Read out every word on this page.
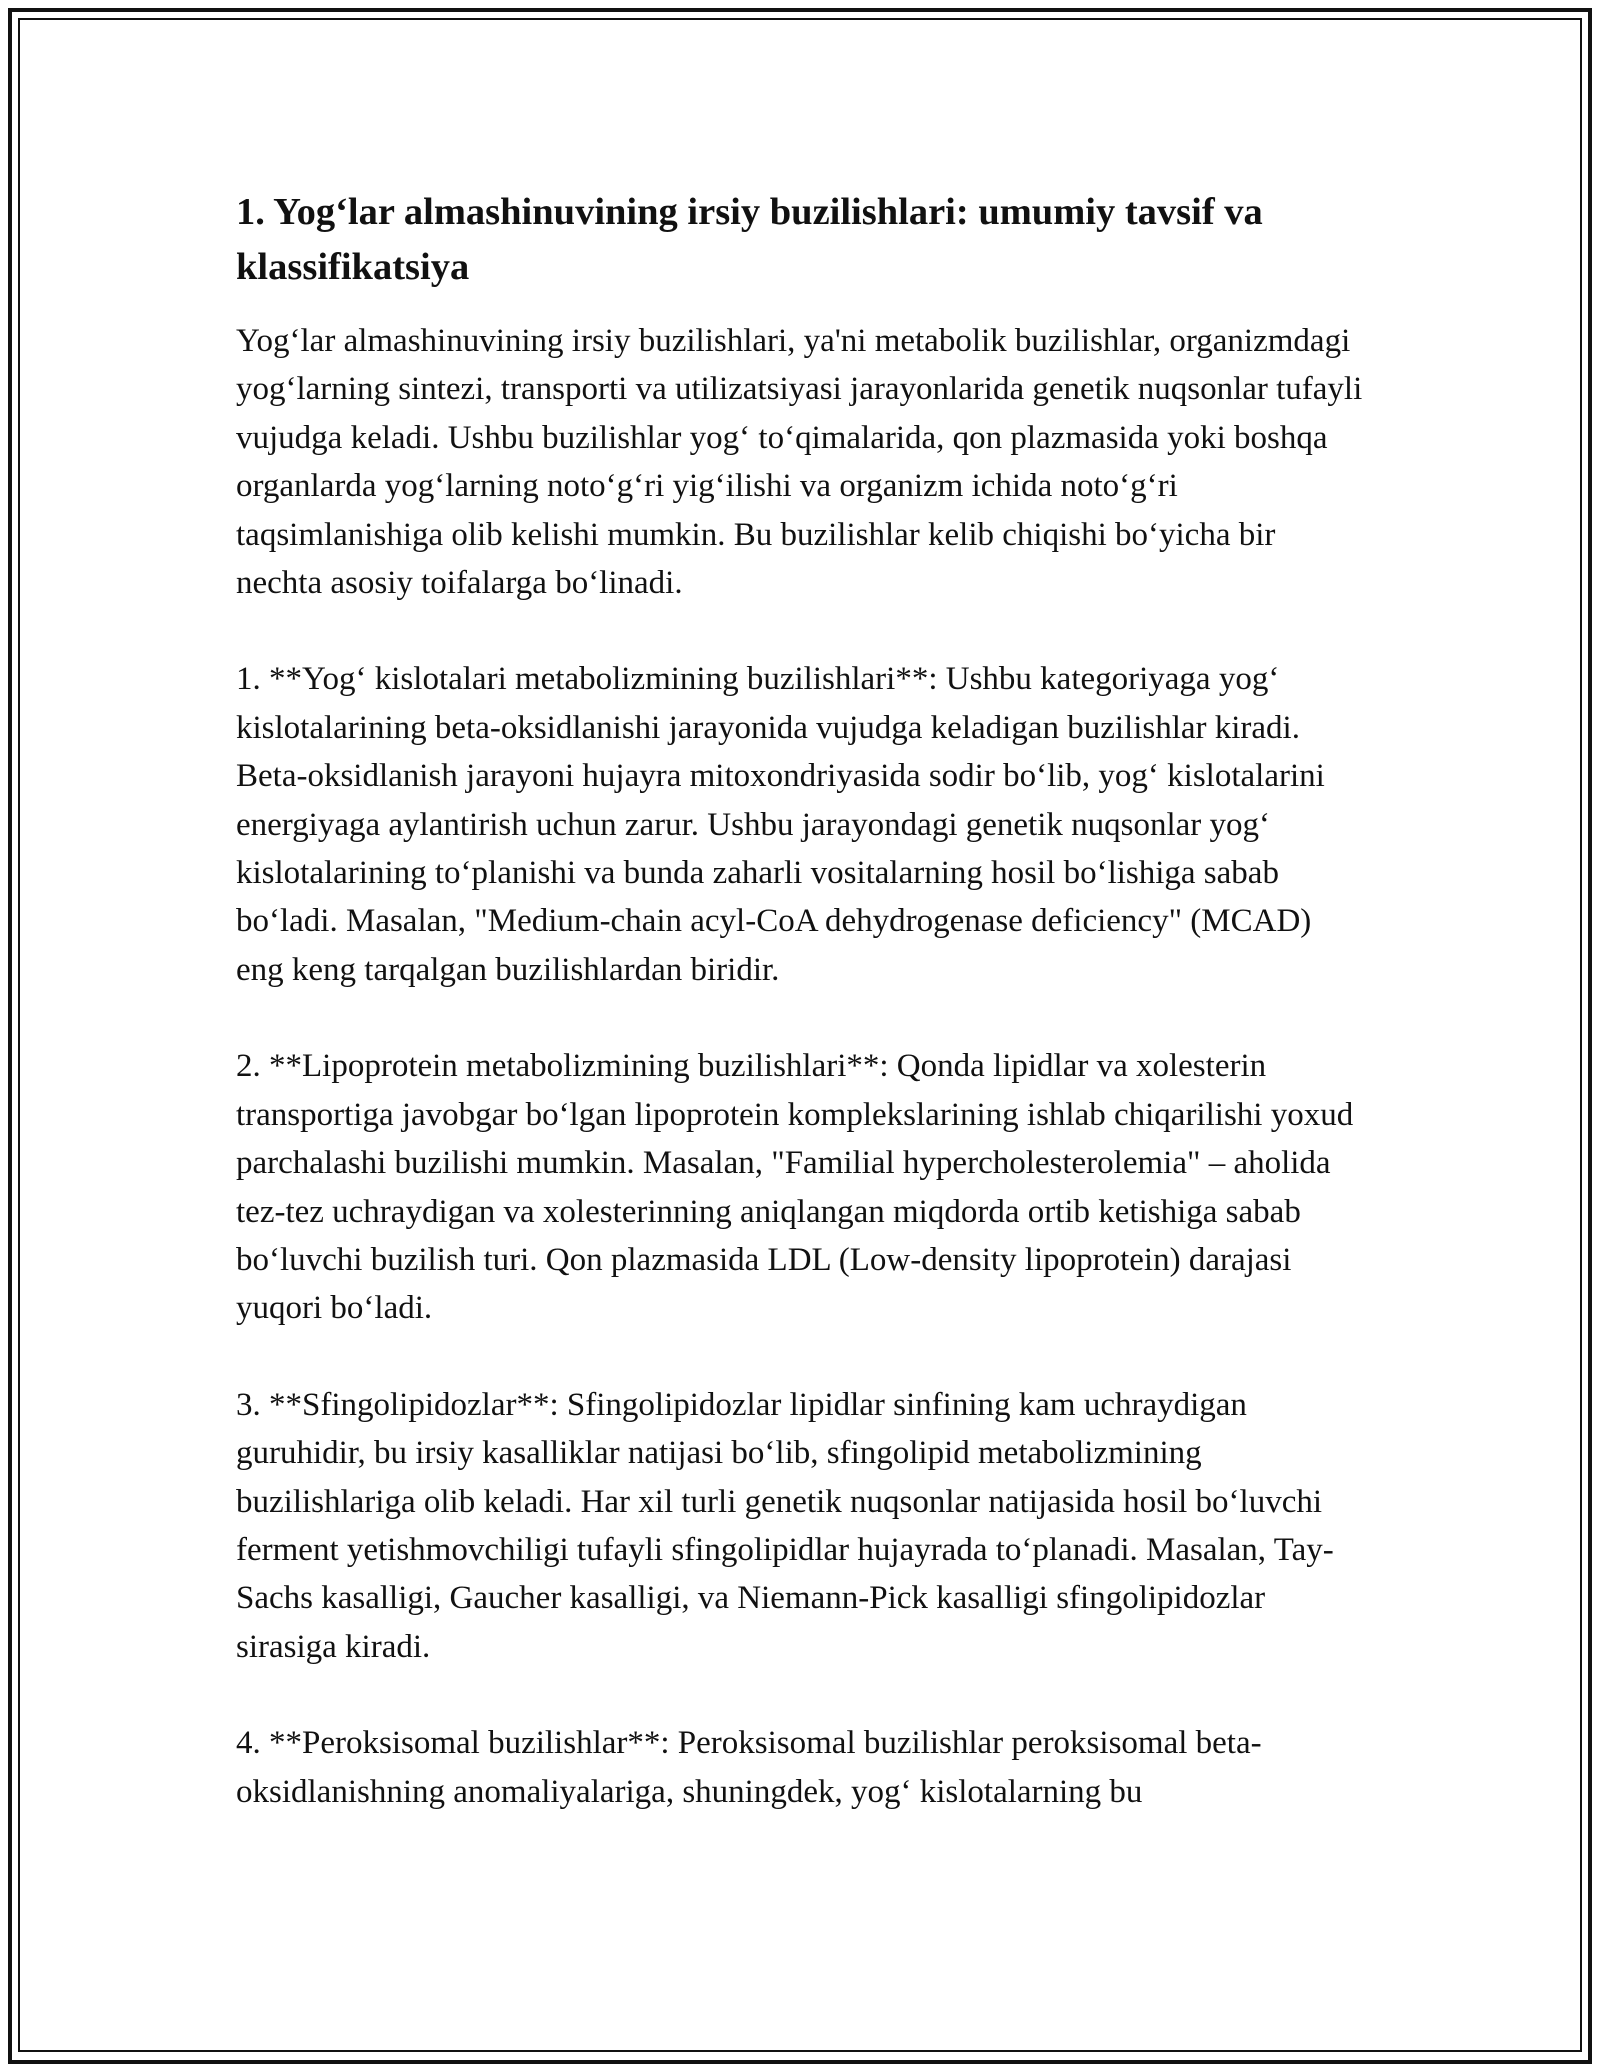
1. Yog‘lar almashinuvining irsiy buzilishlari: umumiy tavsif va klassifikatsiya

Yog‘lar almashinuvining irsiy buzilishlari, ya'ni metabolik buzilishlar, organizmdagi yog‘larning sintezi, transporti va utilizatsiyasi jarayonlarida genetik nuqsonlar tufayli vujudga keladi. Ushbu buzilishlar yog‘ to‘qimalarida, qon plazmasida yoki boshqa organlarda yog‘larning noto‘g‘ri yig‘ilishi va organizm ichida noto‘g‘ri taqsimlanishiga olib kelishi mumkin. Bu buzilishlar kelib chiqishi bo‘yicha bir nechta asosiy toifalarga bo‘linadi.

1. **Yog‘ kislotalari metabolizmining buzilishlari**: Ushbu kategoriyaga yog‘ kislotalarining beta-oksidlanishi jarayonida vujudga keladigan buzilishlar kiradi. Beta-oksidlanish jarayoni hujayra mitoxondriyasida sodir bo‘lib, yog‘ kislotalarini energiyaga aylantirish uchun zarur. Ushbu jarayondagi genetik nuqsonlar yog‘ kislotalarining to‘planishi va bunda zaharli vositalarning hosil bo‘lishiga sabab bo‘ladi. Masalan, "Medium-chain acyl-CoA dehydrogenase deficiency" (MCAD) eng keng tarqalgan buzilishlardan biridir.

2. **Lipoprotein metabolizmining buzilishlari**: Qonda lipidlar va xolesterin transportiga javobgar bo‘lgan lipoprotein komplekslarining ishlab chiqarilishi yoxud parchalashi buzilishi mumkin. Masalan, "Familial hypercholesterolemia" – aholida tez-tez uchraydigan va xolesterinning aniqlangan miqdorda ortib ketishiga sabab bo‘luvchi buzilish turi. Qon plazmasida LDL (Low-density lipoprotein) darajasi yuqori bo‘ladi.

3. **Sfingolipidozlar**: Sfingolipidozlar lipidlar sinfining kam uchraydigan guruhidir, bu irsiy kasalliklar natijasi bo‘lib, sfingolipid metabolizmining buzilishlariga olib keladi. Har xil turli genetik nuqsonlar natijasida hosil bo‘luvchi ferment yetishmovchiligi tufayli sfingolipidlar hujayrada to‘planadi. Masalan, Tay-Sachs kasalligi, Gaucher kasalligi, va Niemann-Pick kasalligi sfingolipidozlar sirasiga kiradi.

4. **Peroksisomal buzilishlar**: Peroksisomal buzilishlar peroksisomal beta-oksidlanishning anomaliyalariga, shuningdek, yog‘ kislotalarning bu
